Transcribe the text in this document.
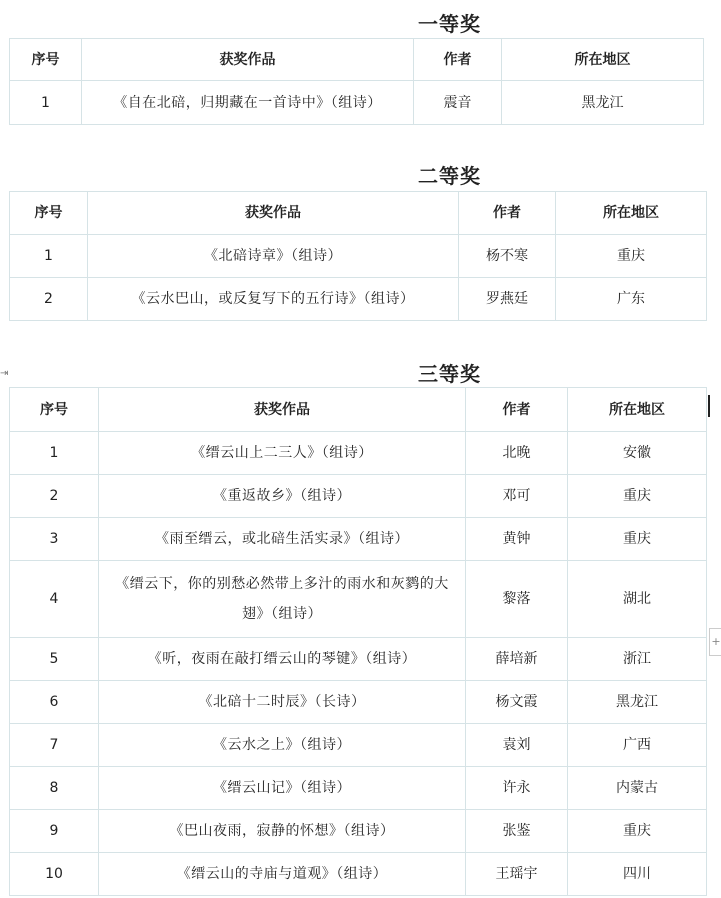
一等奖
序号	获奖作品	作者	所在地区
1	《自在北碚，归期藏在一首诗中》（组诗）	震音	黑龙江
二等奖
序号	获奖作品	作者	所在地区
1	《北碚诗章》（组诗）	杨不寒	重庆
2	《云水巴山，或反复写下的五行诗》（组诗）	罗燕廷	广东
三等奖
⇥
序号	获奖作品	作者	所在地区
1	《缙云山上二三人》（组诗）	北晚	安徽
2	《重返故乡》（组诗）	邓可	重庆
3	《雨至缙云，或北碚生活实录》（组诗）	黄钟	重庆
4	《缙云下，你的别愁必然带上多汁的雨水和灰鹨的大翅》（组诗）	黎落	湖北
5	《听，夜雨在敲打缙云山的琴键》（组诗）	薛培新	浙江
6	《北碚十二时辰》（长诗）	杨文霞	黑龙江
7	《云水之上》（组诗）	袁刘	广西
8	《缙云山记》（组诗）	许永	内蒙古
9	《巴山夜雨，寂静的怀想》（组诗）	张鉴	重庆
10	《缙云山的寺庙与道观》（组诗）	王瑶宇	四川
+
